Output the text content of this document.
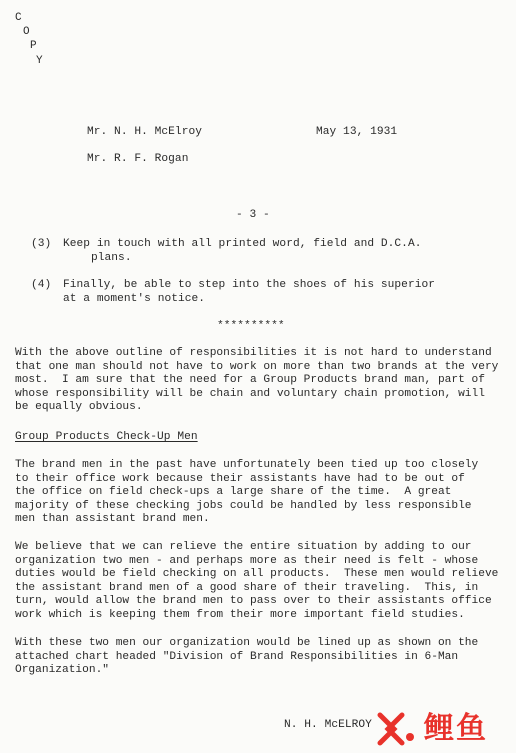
C
O
P
Y
Mr. N. H. McElroy	May 13, 1931
Mr. R. F. Rogan
- 3 -
(3) Keep in touch with all printed word, field and D.C.A.
plans.
(4) Finally, be able to step into the shoes of his superior
at a moment's notice.
**********
With the above outline of responsibilities it is not hard to understand
that one man should not have to work on more than two brands at the very
most.  I am sure that the need for a Group Products brand man, part of
whose responsibility will be chain and voluntary chain promotion, will
be equally obvious.
Group Products Check-Up Men
The brand men in the past have unfortunately been tied up too closely
to their office work because their assistants have had to be out of
the office on field check-ups a large share of the time.  A great
majority of these checking jobs could be handled by less responsible
men than assistant brand men.
We believe that we can relieve the entire situation by adding to our
organization two men - and perhaps more as their need is felt - whose
duties would be field checking on all products.  These men would relieve
the assistant brand men of a good share of their traveling.  This, in
turn, would allow the brand men to pass over to their assistants office
work which is keeping them from their more important field studies.
With these two men our organization would be lined up as shown on the
attached chart headed "Division of Brand Responsibilities in 6-Man
Organization."
N. H. McELROY 鲤鱼
